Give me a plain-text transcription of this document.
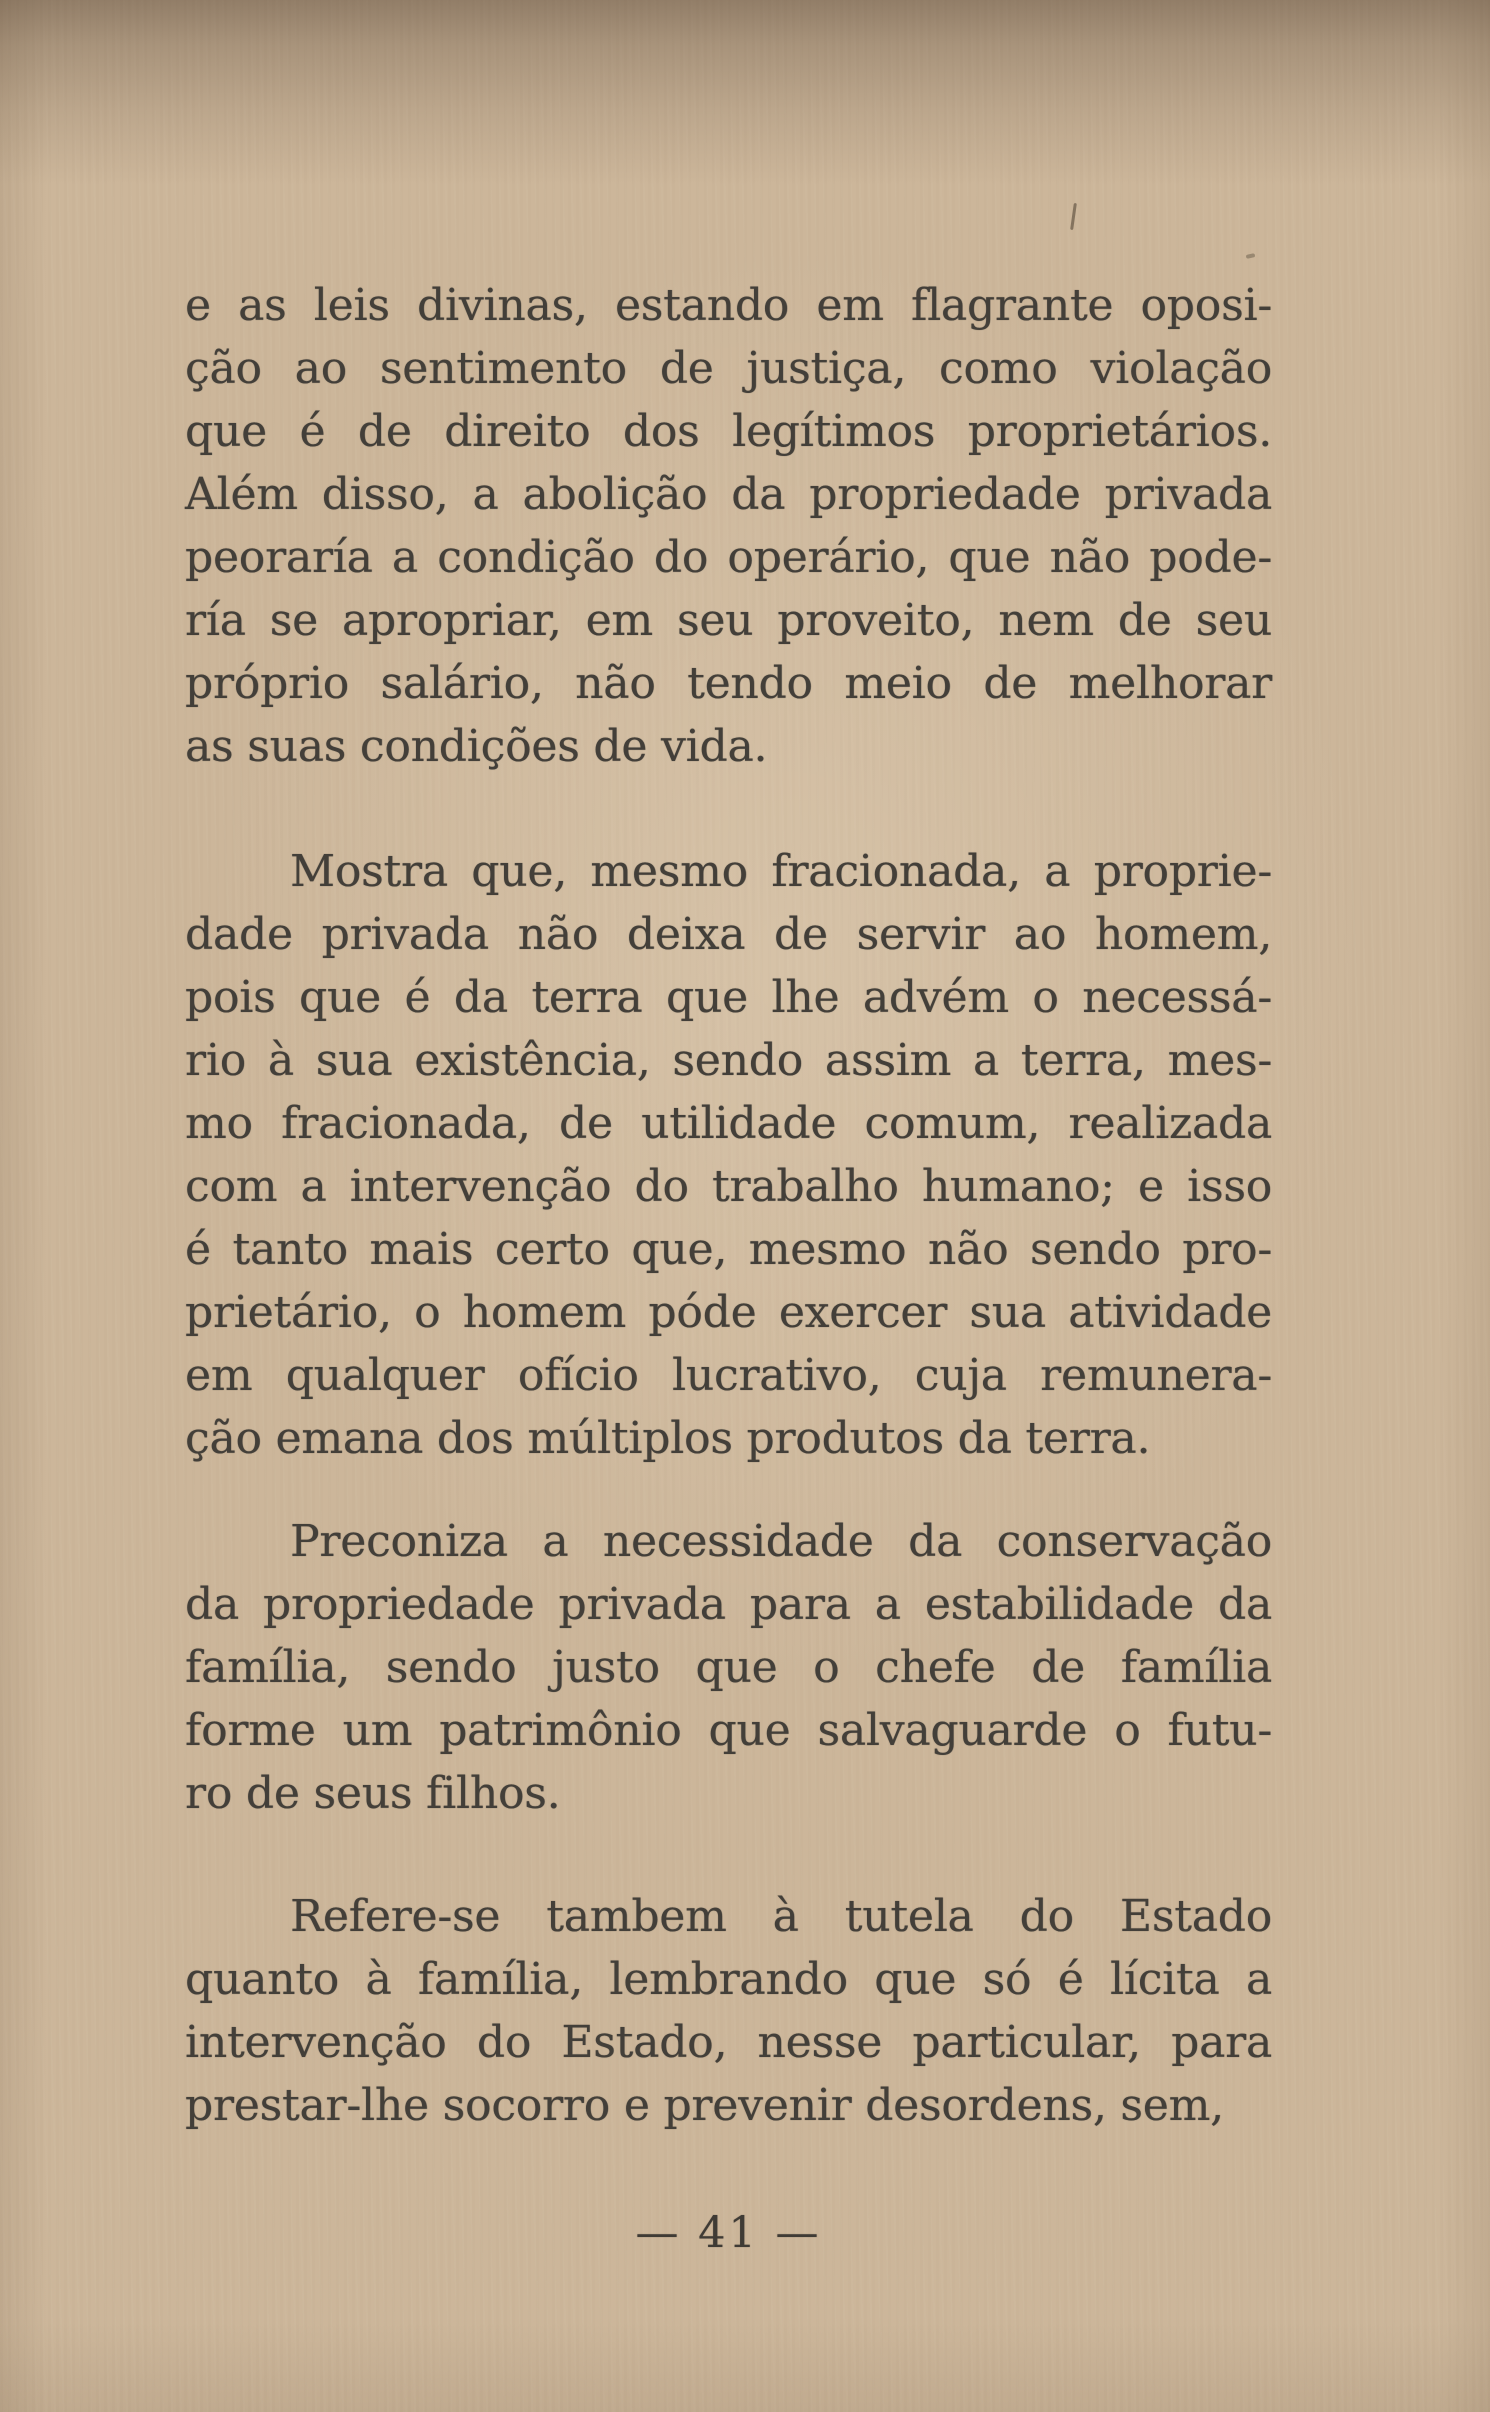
e as leis divinas, estando em flagrante oposi-
ção ao sentimento de justiça, como violação
que é de direito dos legítimos proprietários.
Além disso, a abolição da propriedade privada
peoraría a condição do operário, que não pode-
ría se apropriar, em seu proveito, nem de seu
próprio salário, não tendo meio de melhorar
as suas condições de vida.
Mostra que, mesmo fracionada, a proprie-
dade privada não deixa de servir ao homem,
pois que é da terra que lhe advém o necessá-
rio à sua existência, sendo assim a terra, mes-
mo fracionada, de utilidade comum, realizada
com a intervenção do trabalho humano; e isso
é tanto mais certo que, mesmo não sendo pro-
prietário, o homem póde exercer sua atividade
em qualquer ofício lucrativo, cuja remunera-
ção emana dos múltiplos produtos da terra.
Preconiza a necessidade da conservação
da propriedade privada para a estabilidade da
família, sendo justo que o chefe de família
forme um patrimônio que salvaguarde o futu-
ro de seus filhos.
Refere-se tambem à tutela do Estado
quanto à família, lembrando que só é lícita a
intervenção do Estado, nesse particular, para
prestar-lhe socorro e prevenir desordens, sem,
— 41 —
